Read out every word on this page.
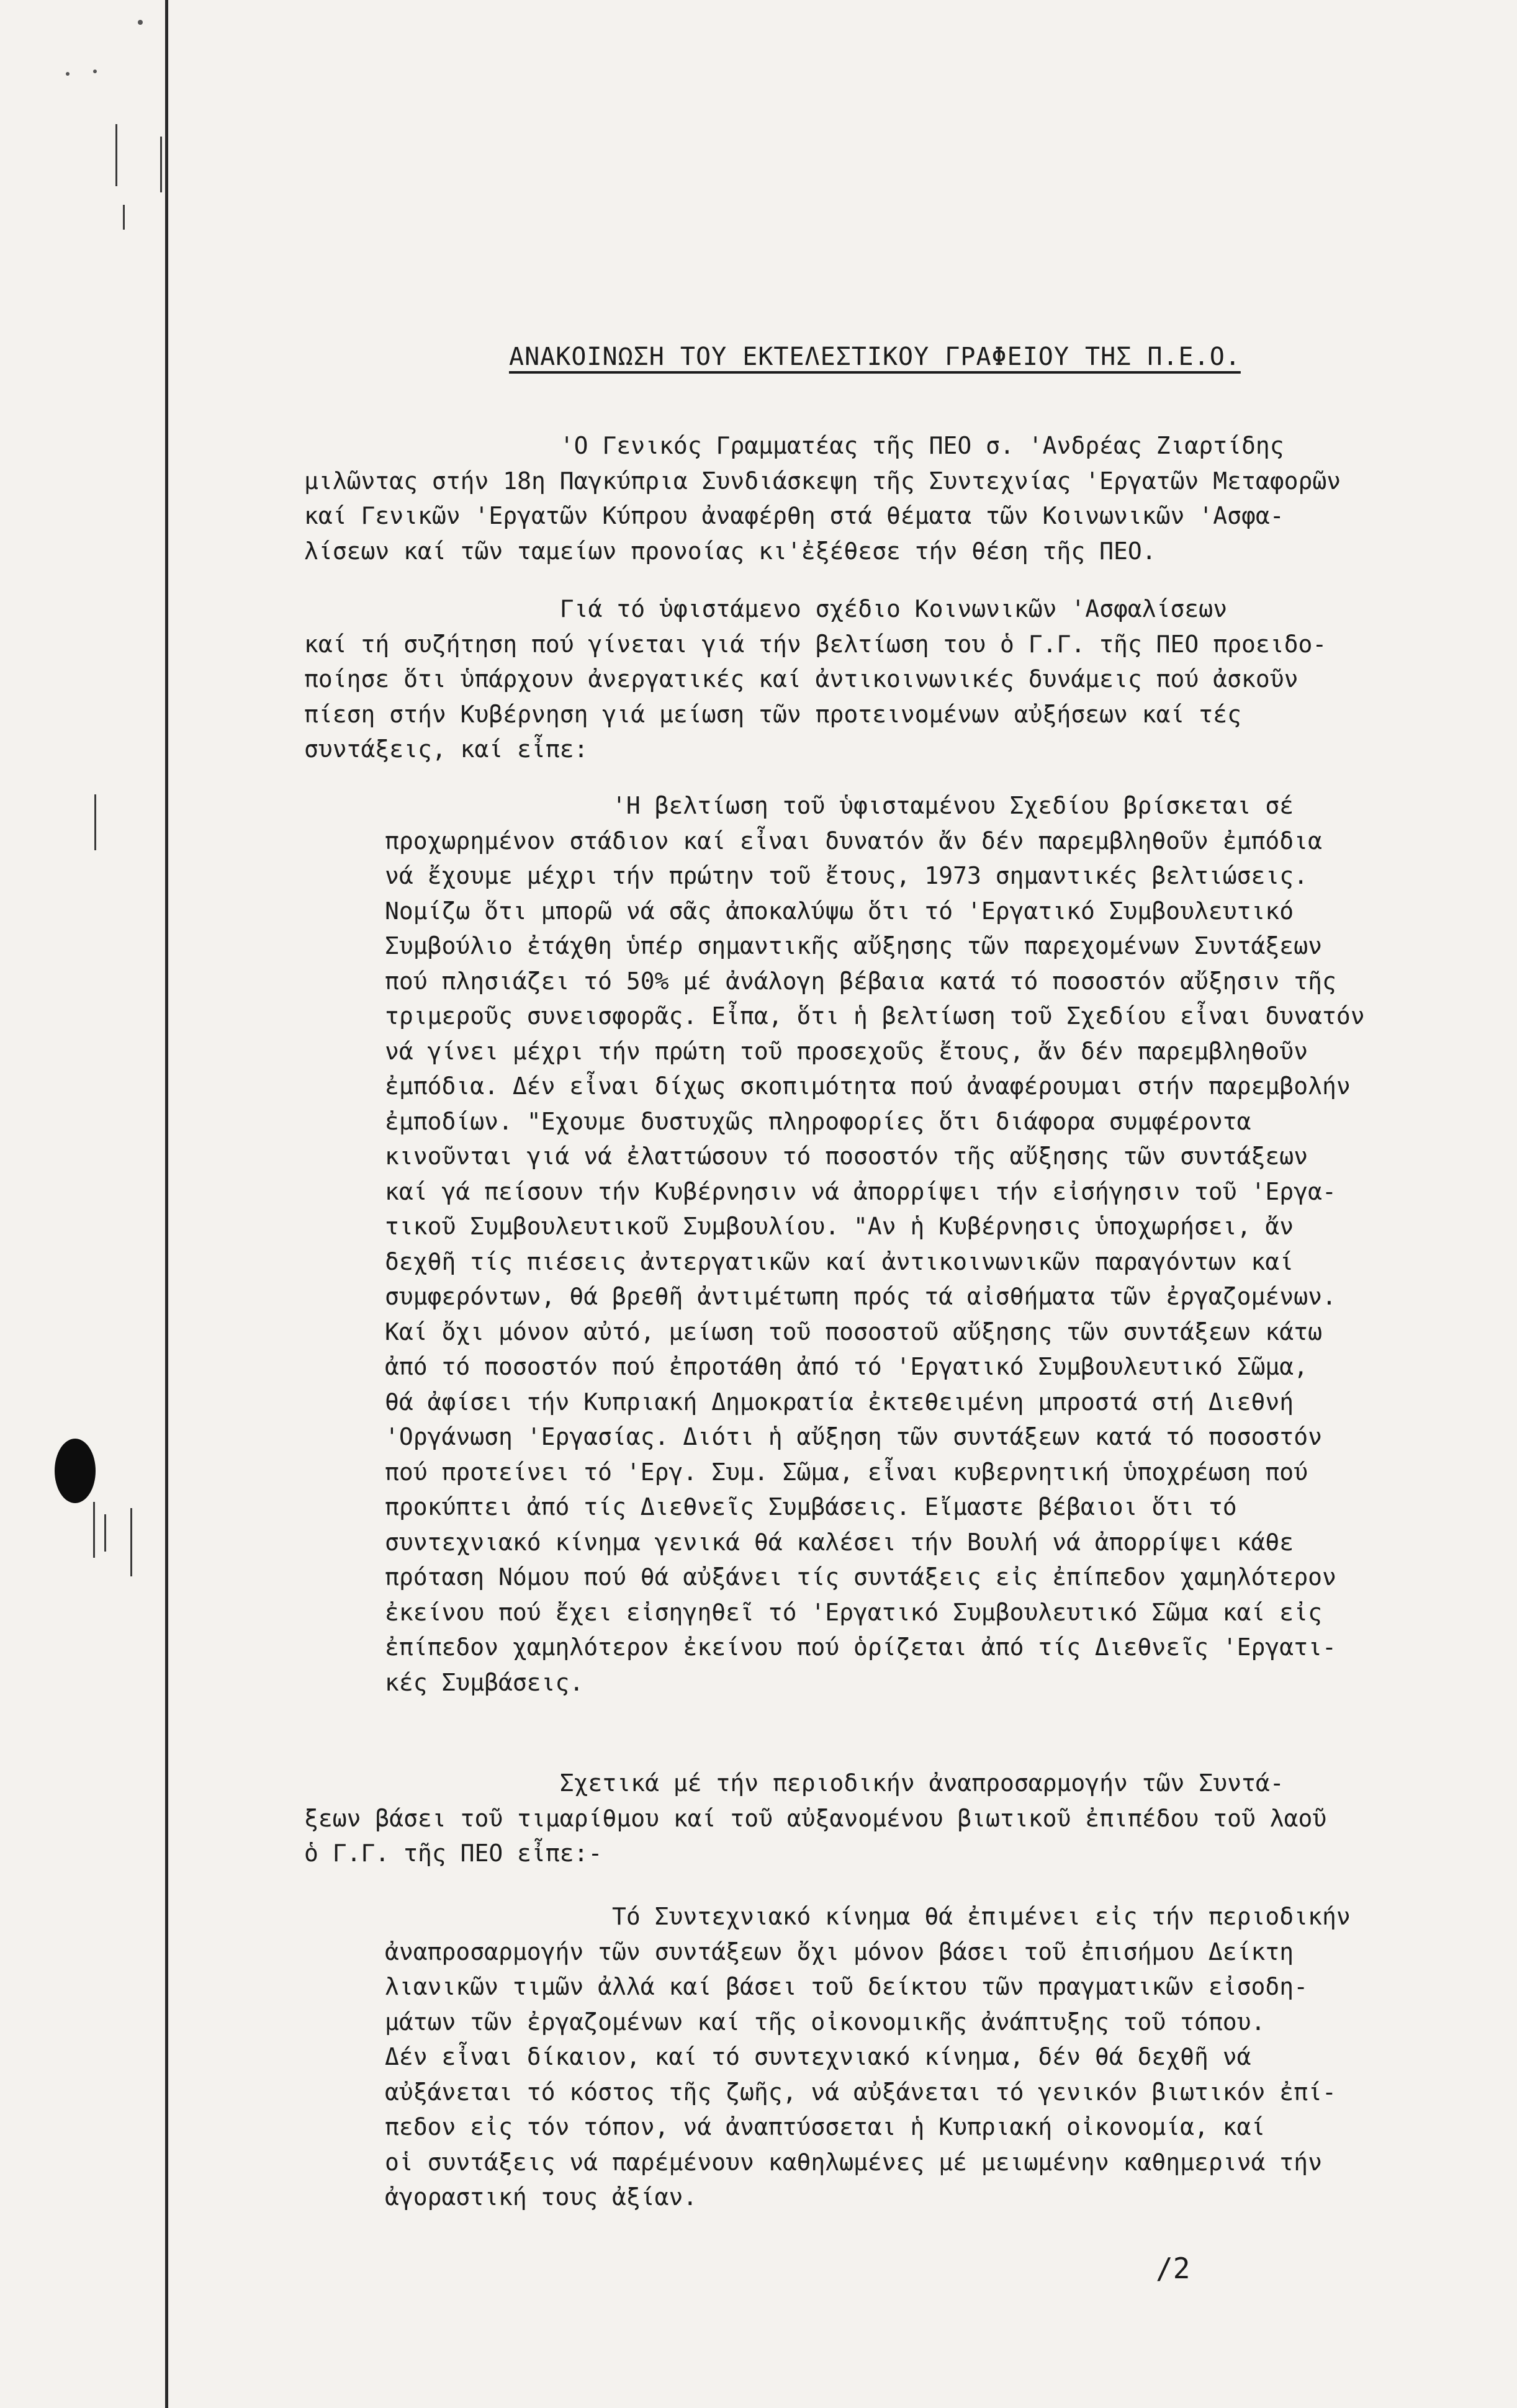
ΑΝΑΚΟΙΝΩΣΗ ΤΟΥ ΕΚΤΕΛΕΣΤΙΚΟΥ ΓΡΑΦΕΙΟΥ ΤΗΣ Π.Ε.Ο.
'Ο Γενικός Γραμματέας τῆς ΠΕΟ σ. 'Ανδρέας Ζιαρτίδης
μιλῶντας στήν 18η Παγκύπρια Συνδιάσκεψη τῆς Συντεχνίας 'Εργατῶν Μεταφορῶν
καί Γενικῶν 'Εργατῶν Κύπρου ἀναφέρθη στά θέματα τῶν Κοινωνικῶν 'Ασφα-
λίσεων καί τῶν ταμείων προνοίας κι'ἐξέθεσε τήν θέση τῆς ΠΕΟ.
Γιά τό ὑφιστάμενο σχέδιο Κοινωνικῶν 'Ασφαλίσεων
καί τή συζήτηση πού γίνεται γιά τήν βελτίωση του ὁ Γ.Γ. τῆς ΠΕΟ προειδο-
ποίησε ὅτι ὑπάρχουν ἀνεργατικές καί ἀντικοινωνικές δυνάμεις πού ἀσκοῦν
πίεση στήν Κυβέρνηση γιά μείωση τῶν προτεινομένων αὐξήσεων καί τές
συντάξεις, καί εἶπε:
'Η βελτίωση τοῦ ὑφισταμένου Σχεδίου βρίσκεται σέ
προχωρημένον στάδιον καί εἶναι δυνατόν ἄν δέν παρεμβληθοῦν ἐμπόδια
νά ἔχουμε μέχρι τήν πρώτην τοῦ ἔτους, 1973 σημαντικές βελτιώσεις.
Νομίζω ὅτι μπορῶ νά σᾶς ἀποκαλύψω ὅτι τό 'Εργατικό Συμβουλευτικό
Συμβούλιο ἐτάχθη ὑπέρ σημαντικῆς αὔξησης τῶν παρεχομένων Συντάξεων
πού πλησιάζει τό 50% μέ ἀνάλογη βέβαια κατά τό ποσοστόν αὔξησιν τῆς
τριμεροῦς συνεισφορᾶς. Εἶπα, ὅτι ἡ βελτίωση τοῦ Σχεδίου εἶναι δυνατόν
νά γίνει μέχρι τήν πρώτη τοῦ προσεχοῦς ἔτους, ἄν δέν παρεμβληθοῦν
ἐμπόδια. Δέν εἶναι δίχως σκοπιμότητα πού ἀναφέρουμαι στήν παρεμβολήν
ἐμποδίων. "Εχουμε δυστυχῶς πληροφορίες ὅτι διάφορα συμφέροντα
κινοῦνται γιά νά ἐλαττώσουν τό ποσοστόν τῆς αὔξησης τῶν συντάξεων
καί γά πείσουν τήν Κυβέρνησιν νά ἀπορρίψει τήν εἰσήγησιν τοῦ 'Εργα-
τικοῦ Συμβουλευτικοῦ Συμβουλίου. "Αν ἡ Κυβέρνησις ὑποχωρήσει, ἄν
δεχθῆ τίς πιέσεις ἀντεργατικῶν καί ἀντικοινωνικῶν παραγόντων καί
συμφερόντων, θά βρεθῆ ἀντιμέτωπη πρός τά αἰσθήματα τῶν ἐργαζομένων.
Καί ὄχι μόνον αὐτό, μείωση τοῦ ποσοστοῦ αὔξησης τῶν συντάξεων κάτω
ἀπό τό ποσοστόν πού ἐπροτάθη ἀπό τό 'Εργατικό Συμβουλευτικό Σῶμα,
θά ἀφίσει τήν Κυπριακή Δημοκρατία ἐκτεθειμένη μπροστά στή Διεθνή
'Οργάνωση 'Εργασίας. Διότι ἡ αὔξηση τῶν συντάξεων κατά τό ποσοστόν
πού προτείνει τό 'Εργ. Συμ. Σῶμα, εἶναι κυβερνητική ὑποχρέωση πού
προκύπτει ἀπό τίς Διεθνεῖς Συμβάσεις. Εἴμαστε βέβαιοι ὅτι τό
συντεχνιακό κίνημα γενικά θά καλέσει τήν Βουλή νά ἀπορρίψει κάθε
πρόταση Νόμου πού θά αὐξάνει τίς συντάξεις εἰς ἐπίπεδον χαμηλότερον
ἐκείνου πού ἔχει εἰσηγηθεῖ τό 'Εργατικό Συμβουλευτικό Σῶμα καί εἰς
ἐπίπεδον χαμηλότερον ἐκείνου πού ὁρίζεται ἀπό τίς Διεθνεῖς 'Εργατι-
κές Συμβάσεις.
Σχετικά μέ τήν περιοδικήν ἀναπροσαρμογήν τῶν Συντά-
ξεων βάσει τοῦ τιμαρίθμου καί τοῦ αὐξανομένου βιωτικοῦ ἐπιπέδου τοῦ λαοῦ
ὁ Γ.Γ. τῆς ΠΕΟ εἶπε:-
Τό Συντεχνιακό κίνημα θά ἐπιμένει εἰς τήν περιοδικήν
ἀναπροσαρμογήν τῶν συντάξεων ὄχι μόνον βάσει τοῦ ἐπισήμου Δείκτη
λιανικῶν τιμῶν ἀλλά καί βάσει τοῦ δείκτου τῶν πραγματικῶν εἰσοδη-
μάτων τῶν ἐργαζομένων καί τῆς οἰκονομικῆς ἀνάπτυξης τοῦ τόπου.
Δέν εἶναι δίκαιον, καί τό συντεχνιακό κίνημα, δέν θά δεχθῆ νά
αὐξάνεται τό κόστος τῆς ζωῆς, νά αὐξάνεται τό γενικόν βιωτικόν ἐπί-
πεδον εἰς τόν τόπον, νά ἀναπτύσσεται ἡ Κυπριακή οἰκονομία, καί
οἱ συντάξεις νά παρέμένουν καθηλωμένες μέ μειωμένην καθημερινά τήν
ἀγοραστική τους ἀξίαν.
/2
